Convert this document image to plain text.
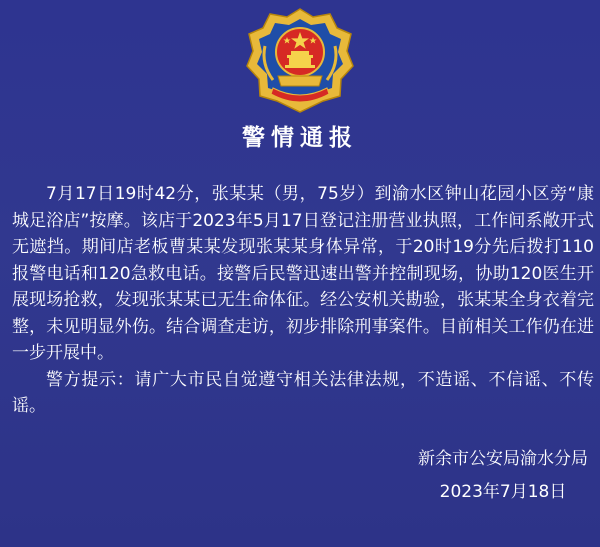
警情通报

7月17日19时42分，张某某（男，75岁）到渝水区钟山花园小区旁“康城足浴店”按摩。该店于2023年5月17日登记注册营业执照，工作间系敞开式无遮挡。期间店老板曹某某发现张某某身体异常，于20时19分先后拨打110报警电话和120急救电话。接警后民警迅速出警并控制现场，协助120医生开展现场抢救，发现张某某已无生命体征。经公安机关勘验，张某某全身衣着完整，未见明显外伤。结合调查走访，初步排除刑事案件。目前相关工作仍在进一步开展中。

警方提示：请广大市民自觉遵守相关法律法规，不造谣、不信谣、不传谣。

新余市公安局渝水分局
2023年7月18日
